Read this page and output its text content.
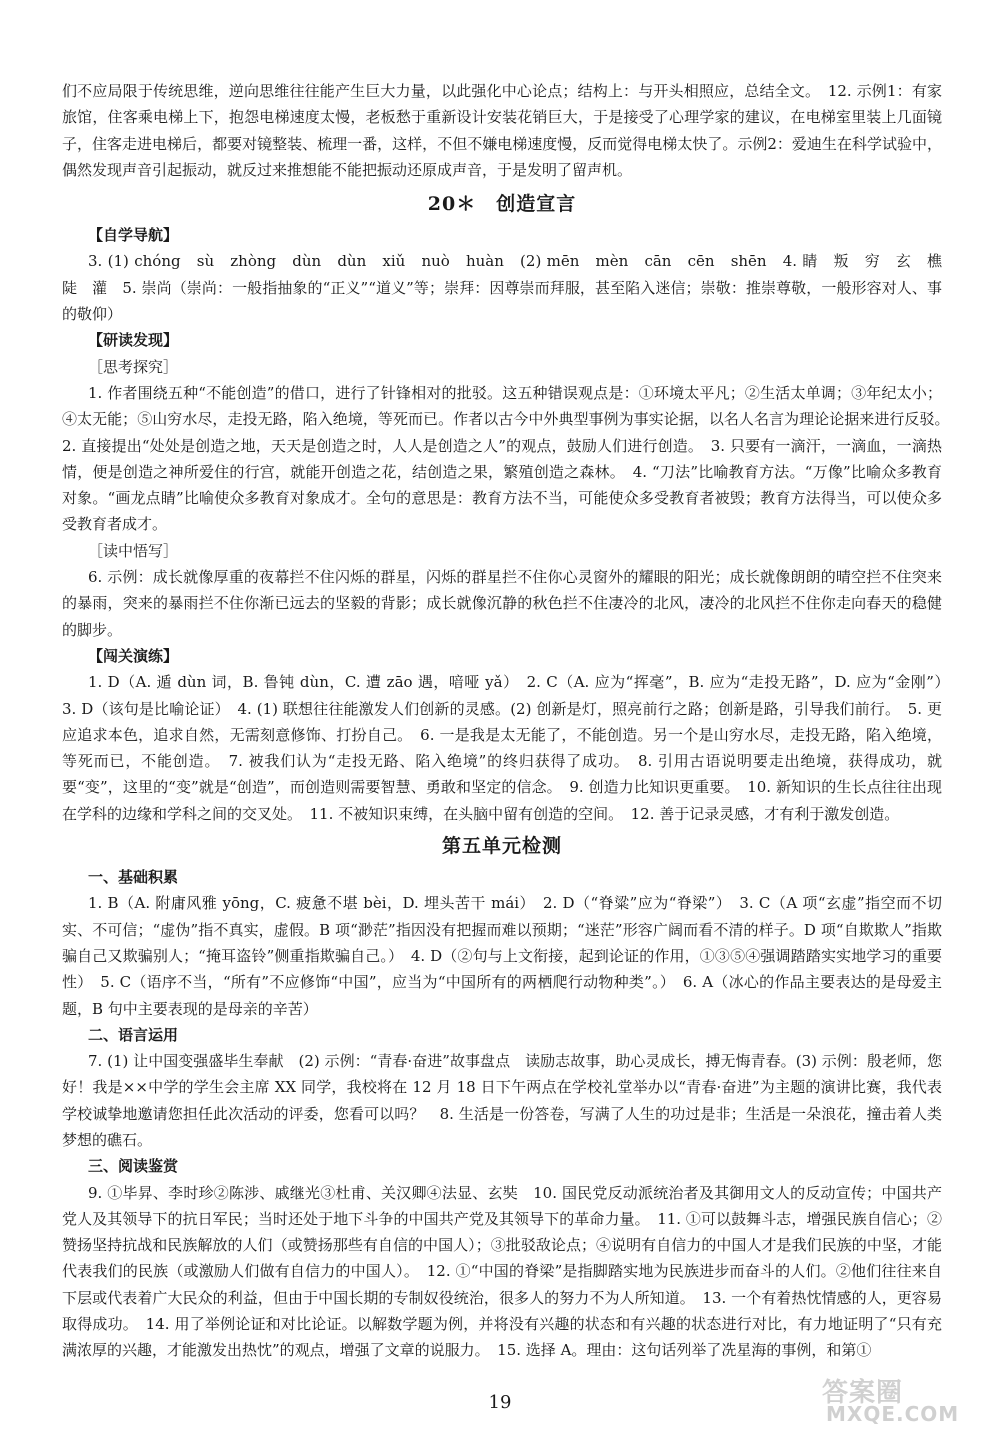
们不应局限于传统思维，逆向思维往往能产生巨大力量，以此强化中心论点；结构上：与开头相照应，总结全文。　12. 示例1：有家旅馆，住客乘电梯上下，抱怨电梯速度太慢，老板愁于重新设计安装花销巨大，于是接受了心理学家的建议，在电梯室里装上几面镜子，住客走进电梯后，都要对镜整装、梳理一番，这样，不但不嫌电梯速度慢，反而觉得电梯太快了。示例2：爱迪生在科学试验中，偶然发现声音引起振动，就反过来推想能不能把振动还原成声音，于是发明了留声机。

20＊　创造宣言
【自学导航】

3. (1) chóng　sù　zhòng　dùn　dùn　xiǔ　nuò　huàn　(2) mēn　mèn　cān　cēn　shēn　4. 睛　叛　穷　玄　樵　陡　灌　5. 崇尚（崇尚：一般指抽象的“正义”“道义”等；崇拜：因尊崇而拜服，甚至陷入迷信；崇敬：推崇尊敬，一般形容对人、事的敬仰）

【研读发现】
［思考探究］

1. 作者围绕五种“不能创造”的借口，进行了针锋相对的批驳。这五种错误观点是：①环境太平凡；②生活太单调；③年纪太小；④太无能；⑤山穷水尽，走投无路，陷入绝境，等死而已。作者以古今中外典型事例为事实论据，以名人名言为理论论据来进行反驳。　2. 直接提出“处处是创造之地，天天是创造之时，人人是创造之人”的观点，鼓励人们进行创造。　3. 只要有一滴汗，一滴血，一滴热情，便是创造之神所爱住的行宫，就能开创造之花，结创造之果，繁殖创造之森林。　4. “刀法”比喻教育方法。“万像”比喻众多教育对象。“画龙点睛”比喻使众多教育对象成才。全句的意思是：教育方法不当，可能使众多受教育者被毁；教育方法得当，可以使众多受教育者成才。

［读中悟写］

6. 示例：成长就像厚重的夜幕拦不住闪烁的群星，闪烁的群星拦不住你心灵窗外的耀眼的阳光；成长就像朗朗的晴空拦不住突来的暴雨，突来的暴雨拦不住你渐已远去的坚毅的背影；成长就像沉静的秋色拦不住凄冷的北风，凄冷的北风拦不住你走向春天的稳健的脚步。

【闯关演练】

1. D（A. 遁 dùn 词，B. 鲁钝 dùn，C. 遭 zāo 遇，喑哑 yǎ）　2. C（A. 应为“挥毫”，B. 应为“走投无路”，D. 应为“金刚”）　3. D（该句是比喻论证）　4. (1) 联想往往能激发人们创新的灵感。(2) 创新是灯，照亮前行之路；创新是路，引导我们前行。　5. 更应追求本色，追求自然，无需刻意修饰、打扮自己。　6. 一是我是太无能了，不能创造。另一个是山穷水尽，走投无路，陷入绝境，等死而已，不能创造。　7. 被我们认为“走投无路、陷入绝境”的终归获得了成功。　8. 引用古语说明要走出绝境，获得成功，就要“变”，这里的“变”就是“创造”，而创造则需要智慧、勇敢和坚定的信念。　9. 创造力比知识更重要。　10. 新知识的生长点往往出现在学科的边缘和学科之间的交叉处。　11. 不被知识束缚，在头脑中留有创造的空间。　12. 善于记录灵感，才有利于激发创造。

第五单元检测
一、基础积累

1. B（A. 附庸风雅 yōng，C. 疲惫不堪 bèi，D. 埋头苦干 mái）　2. D（“脊粱”应为“脊梁”）　3. C（A 项“玄虚”指空而不切实、不可信；“虚伪”指不真实，虚假。B 项“渺茫”指因没有把握而难以预期；“迷茫”形容广阔而看不清的样子。D 项“自欺欺人”指欺骗自己又欺骗别人；“掩耳盗铃”侧重指欺骗自己。）　4. D（②句与上文衔接，起到论证的作用，①③⑤④强调踏踏实实地学习的重要性）　5. C（语序不当，“所有”不应修饰“中国”，应当为“中国所有的两栖爬行动物种类”。）　6. A（冰心的作品主要表达的是母爱主题，B 句中主要表现的是母亲的辛苦）

二、语言运用

7. (1) 让中国变强盛毕生奉献　(2) 示例：“青春·奋进”故事盘点　读励志故事，助心灵成长，搏无悔青春。(3) 示例：殷老师，您好！我是××中学的学生会主席 XX 同学，我校将在 12 月 18 日下午两点在学校礼堂举办以“青春·奋进”为主题的演讲比赛，我代表学校诚挚地邀请您担任此次活动的评委，您看可以吗？　8. 生活是一份答卷，写满了人生的功过是非；生活是一朵浪花，撞击着人类梦想的礁石。

三、阅读鉴赏

9. ①毕昇、李时珍②陈涉、戚继光③杜甫、关汉卿④法显、玄奘　10. 国民党反动派统治者及其御用文人的反动宣传；中国共产党人及其领导下的抗日军民；当时还处于地下斗争的中国共产党及其领导下的革命力量。　11. ①可以鼓舞斗志，增强民族自信心；②赞扬坚持抗战和民族解放的人们（或赞扬那些有自信的中国人）；③批驳敌论点；④说明有自信力的中国人才是我们民族的中坚，才能代表我们的民族（或激励人们做有自信力的中国人）。　12. ①“中国的脊梁”是指脚踏实地为民族进步而奋斗的人们。②他们往往来自下层或代表着广大民众的利益，但由于中国长期的专制奴役统治，很多人的努力不为人所知道。　13. 一个有着热忱情感的人，更容易取得成功。　14. 用了举例论证和对比论证。以解数学题为例，并将没有兴趣的状态和有兴趣的状态进行对比，有力地证明了“只有充满浓厚的兴趣，才能激发出热忱”的观点，增强了文章的说服力。　15. 选择 A。理由：这句话列举了冼星海的事例，和第①

19	答案圈
MXQE.COM
